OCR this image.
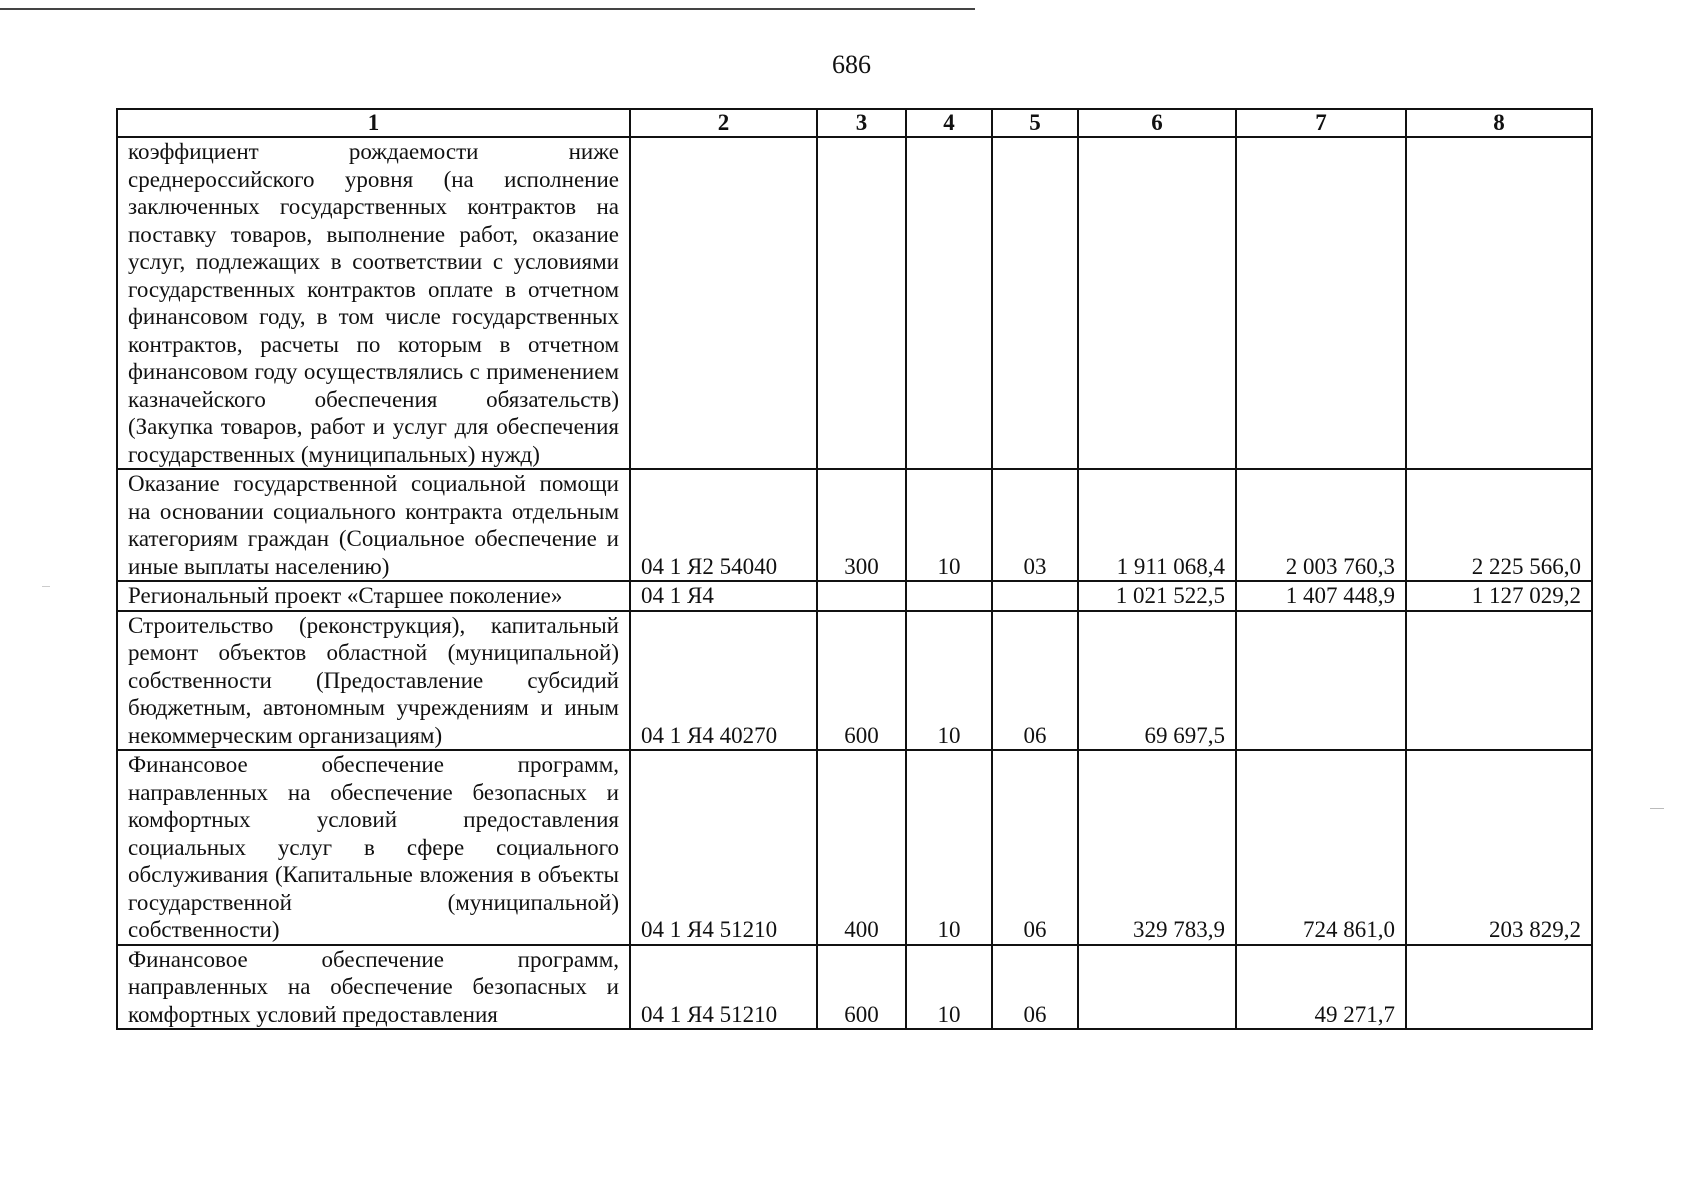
686
1	2	3	4	5	6	7	8
коэффициент рождаемости ниже среднероссийского уровня (на исполнение заключенных государственных контрактов на поставку товаров, выполнение работ, оказание услуг, подлежащих в соответствии с условиями государственных контрактов оплате в отчетном финансовом году, в том числе государственных контрактов, расчеты по которым в отчетном финансовом году осуществлялись с применением казначейского обеспечения обязательств) (Закупка товаров, работ и услуг для обеспечения государственных (муниципальных) нужд)							
Оказание государственной социальной помощи на основании социального контракта отдельным категориям граждан (Социальное обеспечение и иные выплаты населению)	04 1 Я2 54040	300	10	03	1 911 068,4	2 003 760,3	2 225 566,0
Региональный проект «Старшее поколение»	04 1 Я4				1 021 522,5	1 407 448,9	1 127 029,2
Строительство (реконструкция), капитальный ремонт объектов областной (муниципальной) собственности (Предоставление субсидий бюджетным, автономным учреждениям и иным некоммерческим организациям)	04 1 Я4 40270	600	10	06	69 697,5		
Финансовое обеспечение программ, направленных на обеспечение безопасных и комфортных условий предоставления социальных услуг в сфере социального обслуживания (Капитальные вложения в объекты государственной (муниципальной) собственности)	04 1 Я4 51210	400	10	06	329 783,9	724 861,0	203 829,2
Финансовое обеспечение программ, направленных на обеспечение безопасных и комфортных условий предоставления	04 1 Я4 51210	600	10	06		49 271,7	
